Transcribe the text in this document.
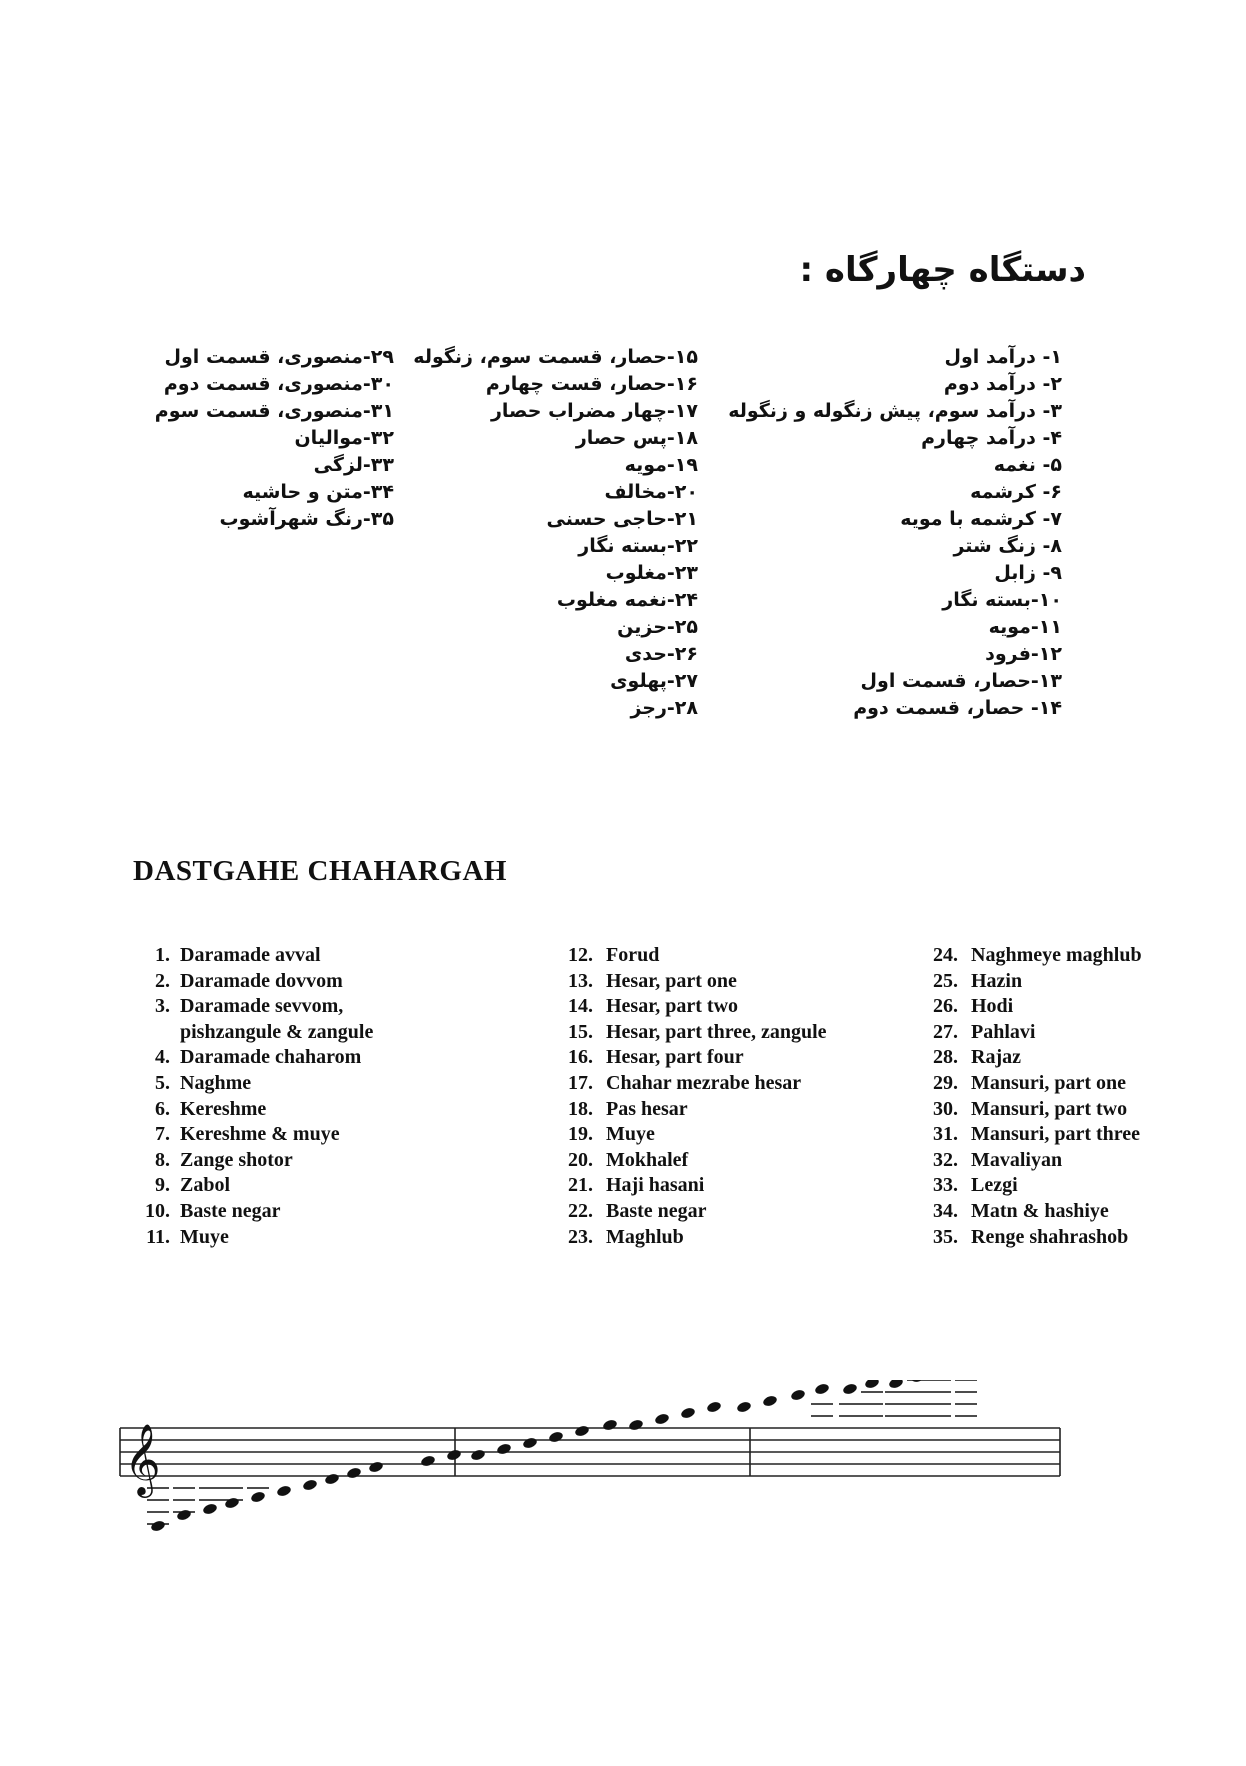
دستگاه چهارگاه :
۱- درآمد اول
۲- درآمد دوم
۳- درآمد سوم، پیش زنگوله و زنگوله
۴- درآمد چهارم
۵- نغمه
۶- کرشمه
۷- کرشمه با مویه
۸- زنگ شتر
۹- زابل
۱۰-بسته نگار
۱۱-مویه
۱۲-فرود
۱۳-حصار، قسمت اول
۱۴- حصار، قسمت دوم
۱۵-حصار، قسمت سوم، زنگوله
۱۶-حصار، قست چهارم
۱۷-چهار مضراب حصار
۱۸-پس حصار
۱۹-مویه
۲۰-مخالف
۲۱-حاجی حسنی
۲۲-بسته نگار
۲۳-مغلوب
۲۴-نغمه مغلوب
۲۵-حزین
۲۶-حدی
۲۷-پهلوی
۲۸-رجز
۲۹-منصوری، قسمت اول
۳۰-منصوری، قسمت دوم
۳۱-منصوری، قسمت سوم
۳۲-موالیان
۳۳-لزگی
۳۴-متن و حاشیه
۳۵-رنگ شهرآشوب
DASTGAHE CHAHARGAH
1. Daramade avval
2. Daramade dovvom
3. Daramade sevvom,
pishzangule & zangule
4. Daramade chaharom
5. Naghme
6. Kereshme
7. Kereshme & muye
8. Zange shotor
9. Zabol
10. Baste negar
11. Muye
12. Forud
13. Hesar, part one
14. Hesar, part two
15. Hesar, part three, zangule
16. Hesar, part four
17. Chahar mezrabe hesar
18. Pas hesar
19. Muye
20. Mokhalef
21. Haji hasani
22. Baste negar
23. Maghlub
24. Naghmeye maghlub
25. Hazin
26. Hodi
27. Pahlavi
28. Rajaz
29. Mansuri, part one
30. Mansuri, part two
31. Mansuri, part three
32. Mavaliyan
33. Lezgi
34. Matn & hashiye
35. Renge shahrashob
𝄞
